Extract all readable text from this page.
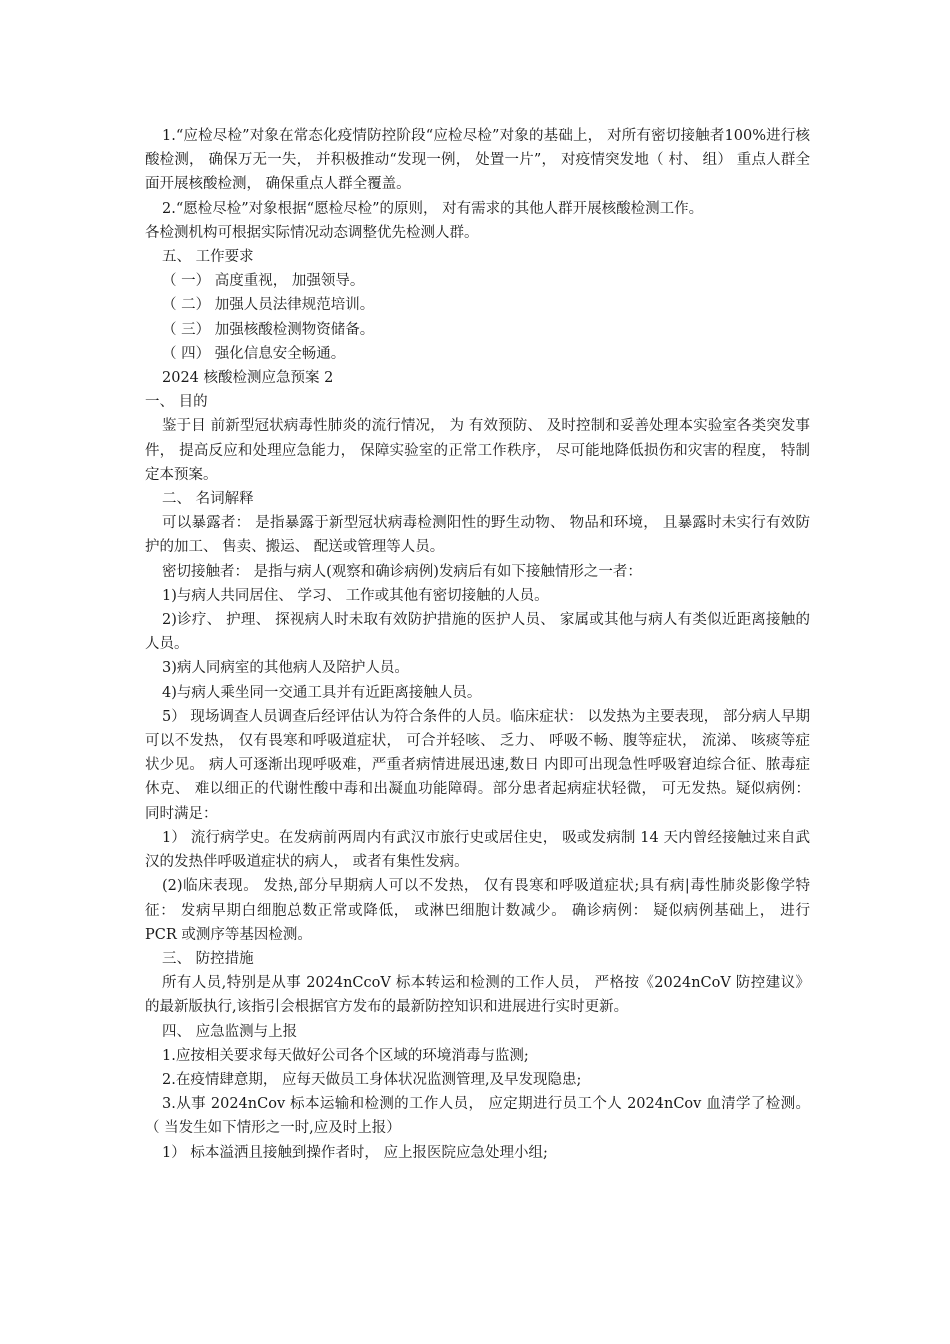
1.“应检尽检”对象在常态化疫情防控阶段“应检尽检”对象的基础上， 对所有密切接触者100%进行核酸检测， 确保万无一失， 并积极推动“发现一例， 处置一片”， 对疫情突发地（ 村、 组） 重点人群全面开展核酸检测， 确保重点人群全覆盖。

2.“愿检尽检”对象根据“愿检尽检”的原则， 对有需求的其他人群开展核酸检测工作。

各检测机构可根据实际情况动态调整优先检测人群。

五、 工作要求

（ 一） 高度重视， 加强领导。

（ 二） 加强人员法律规范培训。

（ 三） 加强核酸检测物资储备。

（ 四） 强化信息安全畅通。

2024 核酸检测应急预案 2

一、 目的

鉴于目 前新型冠状病毒性肺炎的流行情况， 为 有效预防、 及时控制和妥善处理本实验室各类突发事件， 提高反应和处理应急能力， 保障实验室的正常工作秩序， 尽可能地降低损伤和灾害的程度， 特制定本预案。

二、 名词解释

可以暴露者： 是指暴露于新型冠状病毒检测阳性的野生动物、 物品和环境， 且暴露时未实行有效防护的加工、 售卖、搬运、 配送或管理等人员。

密切接触者： 是指与病人(观察和确诊病例)发病后有如下接触情形之一者：

1)与病人共同居住、 学习、 工作或其他有密切接触的人员。

2)诊疗、 护理、 探视病人时未取有效防护措施的医护人员、 家属或其他与病人有类似近距离接触的人员。

3)病人同病室的其他病人及陪护人员。

4)与病人乘坐同一交通工具并有近距离接触人员。

5） 现场调查人员调查后经评估认为符合条件的人员。临床症状： 以发热为主要表现， 部分病人早期可以不发热， 仅有畏寒和呼吸道症状， 可合并轻咳、 乏力、 呼吸不畅、腹等症状， 流涕、 咳痰等症状少见。 病人可逐渐出现呼吸难，严重者病情进展迅速,数日 内即可出现急性呼吸窘迫综合征、脓毒症休克、 难以细正的代谢性酸中毒和出凝血功能障碍。部分患者起病症状轻微， 可无发热。疑似病例： 同时满足：

1） 流行病学史。在发病前两周内有武汉市旅行史或居住史， 吸或发病制 14 天内曾经接触过来自武汉的发热伴呼吸道症状的病人， 或者有集性发病。

(2)临床表现。 发热,部分早期病人可以不发热， 仅有畏寒和呼吸道症状;具有病|毒性肺炎影像学特征： 发病早期白细胞总数正常或降低， 或淋巴细胞计数减少。 确诊病例： 疑似病例基础上， 进行 PCR 或测序等基因检测。

三、 防控措施

所有人员,特别是从事 2024nCcoV 标本转运和检测的工作人员， 严格按《2024nCoV 防控建议》 的最新版执行,该指引会根据官方发布的最新防控知识和进展进行实时更新。

四、 应急监测与上报

1.应按相关要求每天做好公司各个区域的环境消毒与监测;

2.在疫情肆意期， 应每天做员工身体状况监测管理,及早发现隐患;

3.从事 2024nCov 标本运输和检测的工作人员， 应定期进行员工个人 2024nCov 血清学了检测。 （ 当发生如下情形之一时,应及时上报）

1） 标本溢洒且接触到操作者时， 应上报医院应急处理小组;
